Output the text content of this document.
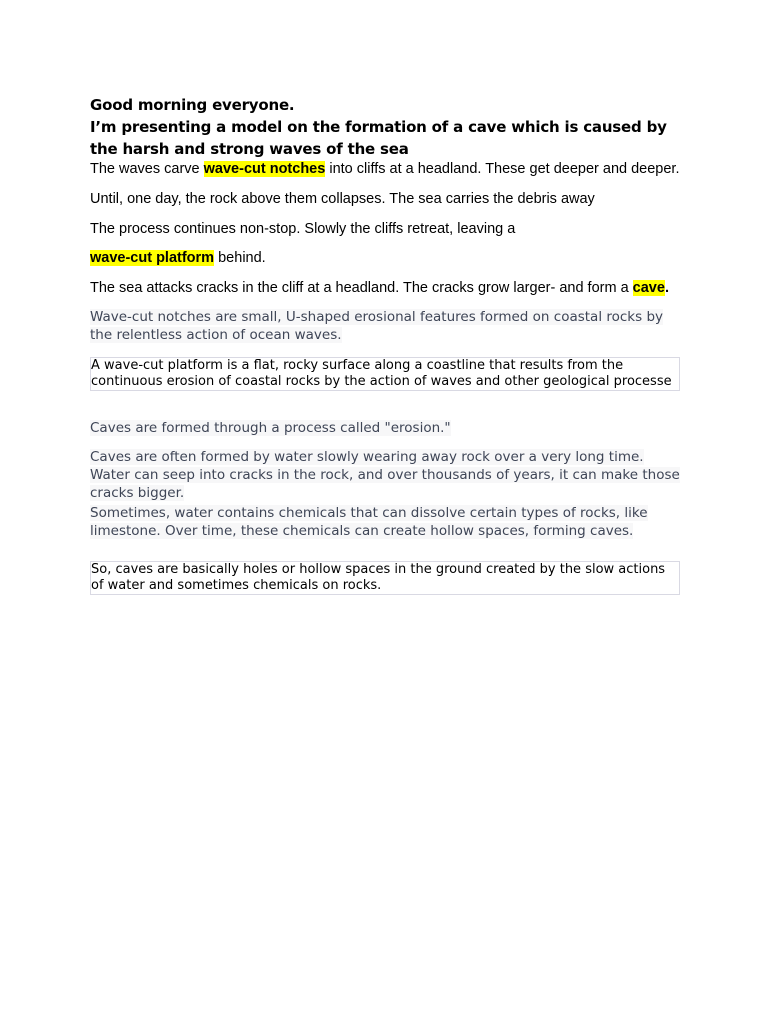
Good morning everyone.

I’m presenting a model on the formation of a cave which is caused by the harsh and strong waves of the sea

The waves carve wave-cut notches into cliffs at a headland. These get deeper and deeper.

Until, one day, the rock above them collapses. The sea carries the debris away

The process continues non-stop. Slowly the cliffs retreat, leaving a

wave-cut platform behind.

The sea attacks cracks in the cliff at a headland. The cracks grow larger- and form a cave.

Wave-cut notches are small, U-shaped erosional features formed on coastal rocks by the relentless action of ocean waves.

A wave-cut platform is a flat, rocky surface along a coastline that results from the continuous erosion of coastal rocks by the action of waves and other geological processe

Caves are formed through a process called "erosion."

Caves are often formed by water slowly wearing away rock over a very long time. Water can seep into cracks in the rock, and over thousands of years, it can make those cracks bigger.

Sometimes, water contains chemicals that can dissolve certain types of rocks, like limestone. Over time, these chemicals can create hollow spaces, forming caves.

So, caves are basically holes or hollow spaces in the ground created by the slow actions of water and sometimes chemicals on rocks.
